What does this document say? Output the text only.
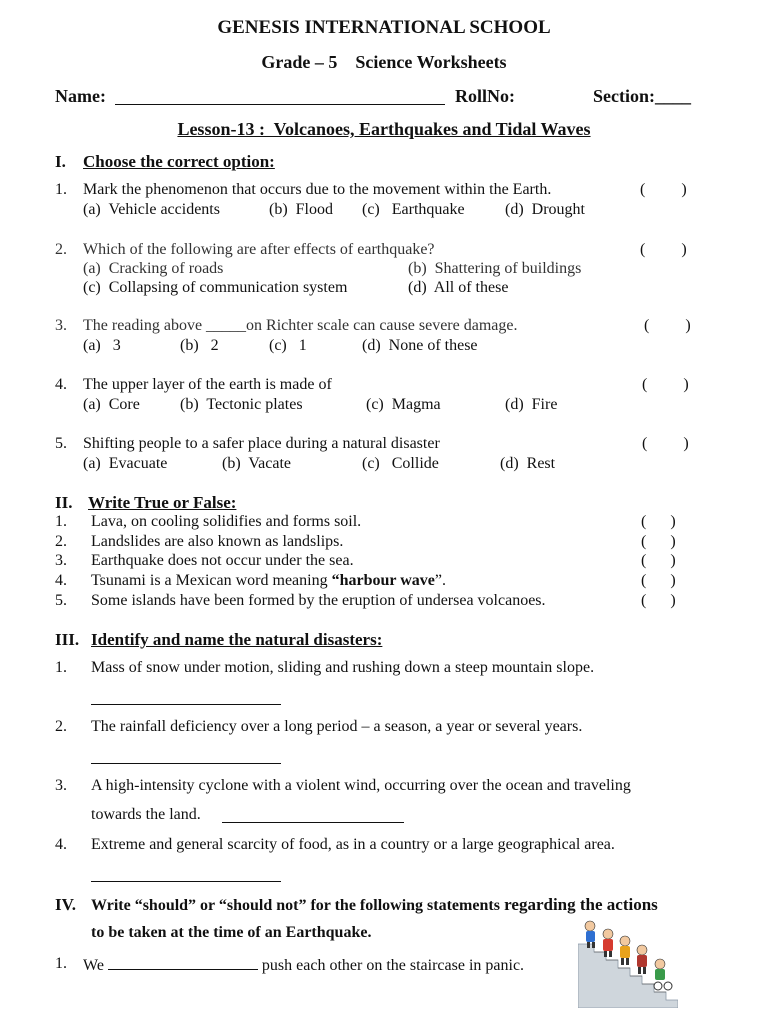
GENESIS INTERNATIONAL SCHOOL
Grade – 5    Science Worksheets
Name:	RollNo:	Section:____
Lesson-13 :  Volcanoes, Earthquakes and Tidal Waves
I. Choose the correct option:
1. Mark the phenomenon that occurs due to the movement within the Earth.	(         )
(a)  Vehicle accidents	(b)  Flood (c)   Earthquake	(d)  Drought
2. Which of the following are after effects of earthquake?	(         )
(a)  Cracking of roads	(b)  Shattering of buildings
(c)  Collapsing of communication system	(d)  All of these
3. The reading above _____on Richter scale can cause severe damage.	(         )
(a)   3	(b)   2	(c)   1	(d)  None of these
4. The upper layer of the earth is made of	(         )
(a)  Core	(b)  Tectonic plates	(c)  Magma	(d)  Fire
5. Shifting people to a safer place during a natural disaster	(         )
(a)  Evacuate	(b)  Vacate	(c)   Collide	(d)  Rest
II. Write True or False:
1. Lava, on cooling solidifies and forms soil.	(      )
2. Landslides are also known as landslips.	(      )
3. Earthquake does not occur under the sea.	(      )
4. Tsunami is a Mexican word meaning “harbour wave”.	(      )
5. Some islands have been formed by the eruption of undersea volcanoes.	(      )
III. Identify and name the natural disasters:
1. Mass of snow under motion, sliding and rushing down a steep mountain slope.
2. The rainfall deficiency over a long period – a season, a year or several years.
3. A high-intensity cyclone with a violent wind, occurring over the ocean and traveling
towards the land.
4. Extreme and general scarcity of food, as in a country or a large geographical area.
IV. Write “should” or “should not” for the following statements regarding the actions
to be taken at the time of an Earthquake.
1. We	push each other on the staircase in panic.
